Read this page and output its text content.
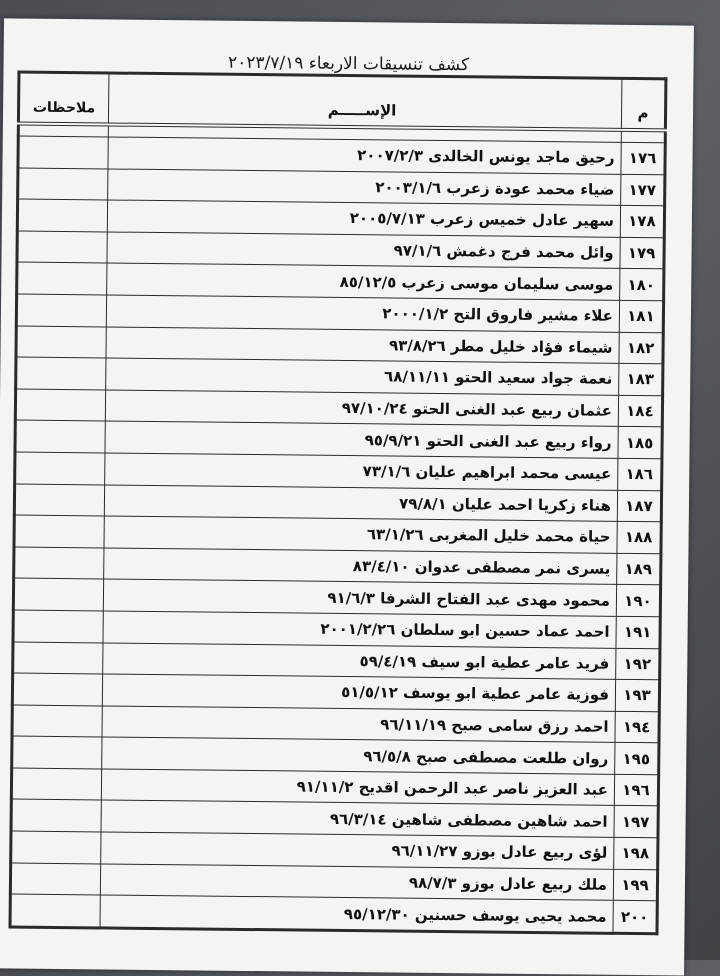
كشف تنسيقات الاربعاء ٢٠٢٣/٧/١٩
م	الإســـــم	ملاحظات

١٧٦	رحيق ماجد يونس الخالدى ٢٠٠٧/٢/٣	
١٧٧	ضياء محمد عودة زعرب ٢٠٠٣/١/٦	
١٧٨	سهير عادل خميس زعرب ٢٠٠٥/٧/١٣	
١٧٩	وائل محمد فرج دغمش ٩٧/١/٦	
١٨٠	موسى سليمان موسى زعرب ٨٥/١٢/٥	
١٨١	علاء مشير فاروق التح ٢٠٠٠/١/٢	
١٨٢	شيماء فؤاد خليل مطر ٩٣/٨/٢٦	
١٨٣	نعمة جواد سعيد الحتو ٦٨/١١/١١	
١٨٤	عثمان ربيع عبد الغنى الحتو ٩٧/١٠/٢٤	
١٨٥	رواء ربيع عبد الغنى الحتو ٩٥/٩/٢١	
١٨٦	عيسى محمد ابراهيم عليان ٧٣/١/٦	
١٨٧	هناء زكريا احمد عليان ٧٩/٨/١	
١٨٨	حياة محمد خليل المغربى ٦٣/١/٢٦	
١٨٩	يسرى نمر مصطفى عدوان ٨٣/٤/١٠	
١٩٠	محمود مهدى عبد الفتاح الشرفا ٩١/٦/٣	
١٩١	احمد عماد حسين ابو سلطان ٢٠٠١/٢/٢٦	
١٩٢	فريد عامر عطية ابو سيف ٥٩/٤/١٩	
١٩٣	فوزية عامر عطية ابو يوسف ٥١/٥/١٢	
١٩٤	احمد رزق سامى صبح ٩٦/١١/١٩	
١٩٥	روان طلعت مصطفى صبح ٩٦/٥/٨	
١٩٦	عبد العزيز ناصر عبد الرحمن اقديح ٩١/١١/٢	
١٩٧	احمد شاهين مصطفى شاهين ٩٦/٣/١٤	
١٩٨	لؤى ربيع عادل بوزو ٩٦/١١/٢٧	
١٩٩	ملك ربيع عادل بوزو ٩٨/٧/٣	
٢٠٠	محمد يحيى يوسف حسنين ٩٥/١٢/٣٠	
